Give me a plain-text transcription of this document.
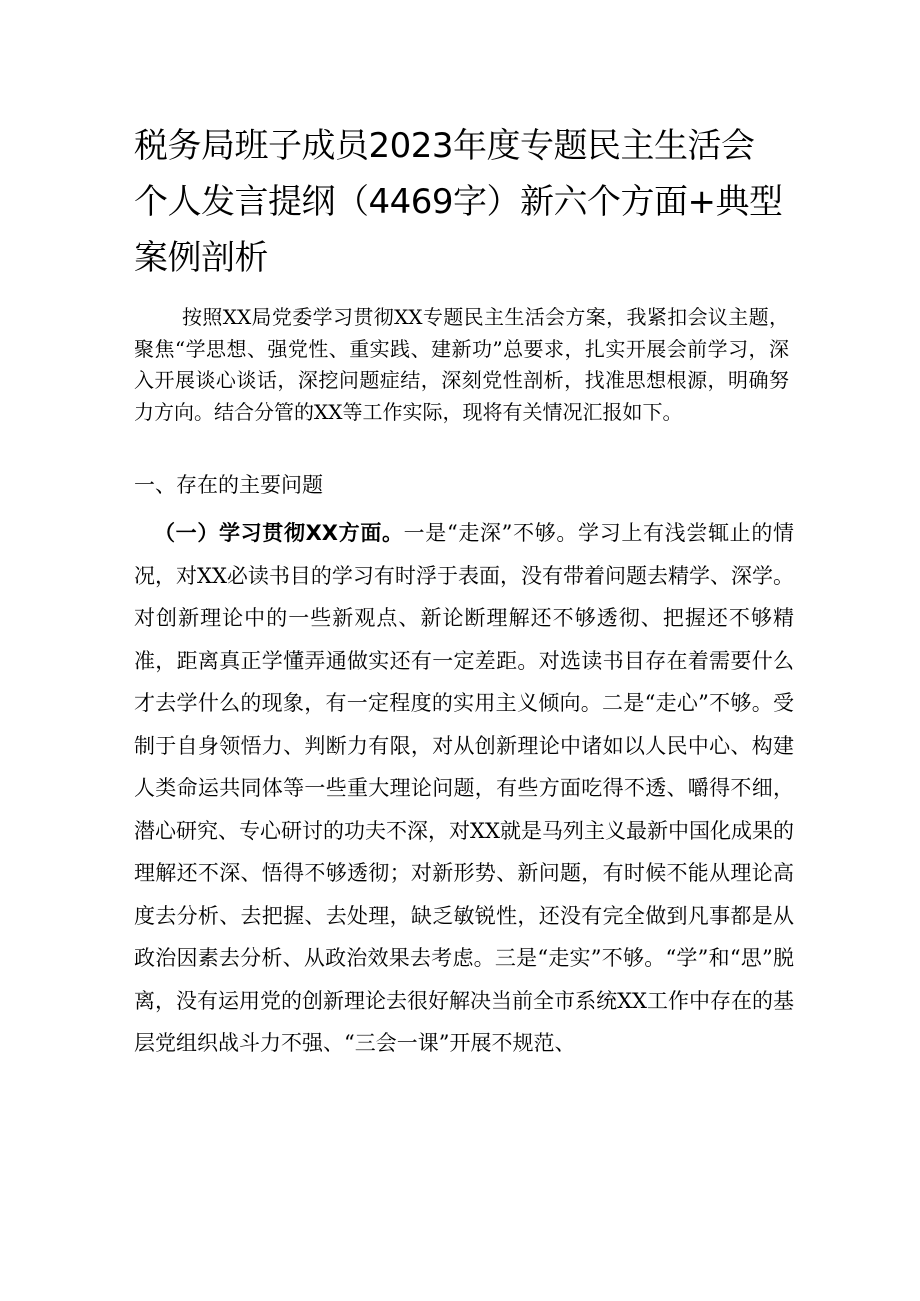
税务局班子成员2023年度专题民主生活会
个人发言提纲（4469字）新六个方面+典型
案例剖析

按照XX局党委学习贯彻XX专题民主生活会方案，我紧扣会议主题，聚焦“学思想、强党性、重实践、建新功”总要求，扎实开展会前学习，深入开展谈心谈话，深挖问题症结，深刻党性剖析，找准思想根源，明确努力方向。结合分管的XX等工作实际，现将有关情况汇报如下。

一、存在的主要问题

（一）学习贯彻XX方面。一是“走深”不够。学习上有浅尝辄止的情况，对XX必读书目的学习有时浮于表面，没有带着问题去精学、深学。对创新理论中的一些新观点、新论断理解还不够透彻、把握还不够精准，距离真正学懂弄通做实还有一定差距。对选读书目存在着需要什么才去学什么的现象，有一定程度的实用主义倾向。二是“走心”不够。受制于自身领悟力、判断力有限，对从创新理论中诸如以人民中心、构建人类命运共同体等一些重大理论问题，有些方面吃得不透、嚼得不细，潜心研究、专心研讨的功夫不深，对XX就是马列主义最新中国化成果的理解还不深、悟得不够透彻；对新形势、新问题，有时候不能从理论高度去分析、去把握、去处理，缺乏敏锐性，还没有完全做到凡事都是从政治因素去分析、从政治效果去考虑。三是“走实”不够。“学”和“思”脱离，没有运用党的创新理论去很好解决当前全市系统XX工作中存在的基层党组织战斗力不强、“三会一课”开展不规范、
